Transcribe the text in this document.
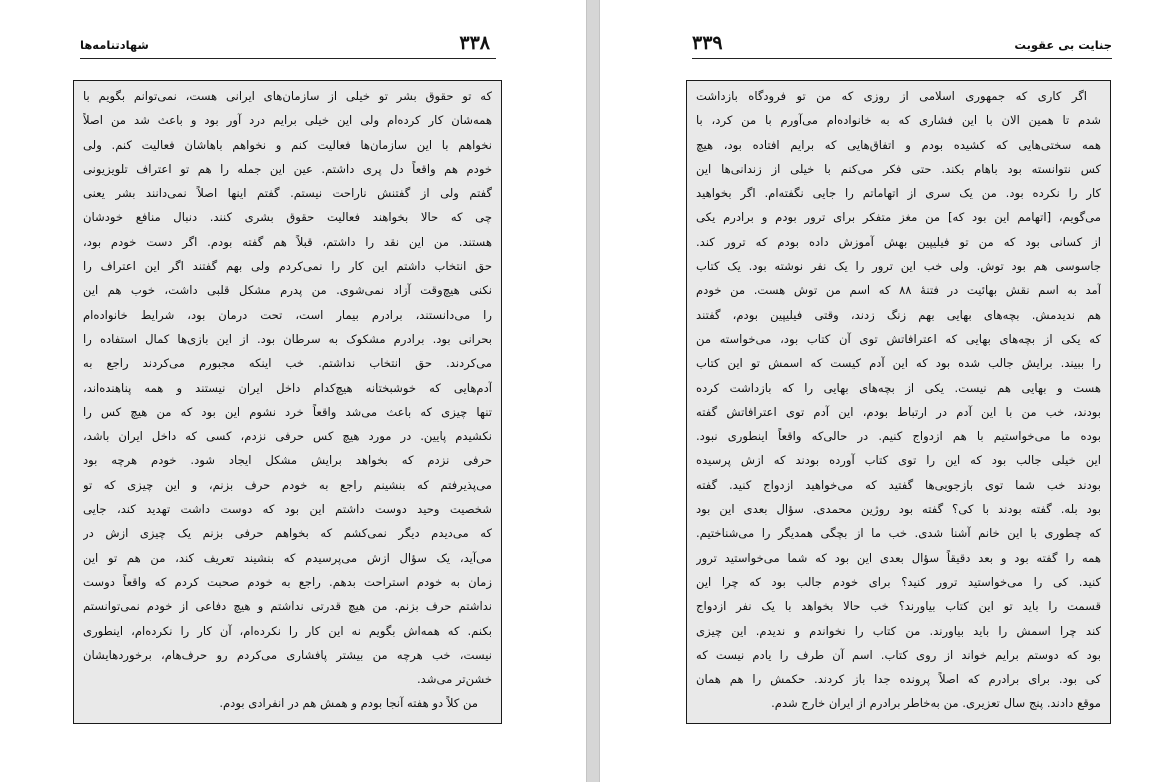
۳۳۸
شهادتنامه‌ها
که تو حقوق بشر تو خیلی از سازمان‌های ایرانی هست، نمی‌توانم بگویم با
همه‌شان کار کرده‌ام ولی این خیلی برایم درد آور بود و باعث شد من اصلاً
نخواهم با این سازمان‌ها فعالیت کنم و نخواهم باهاشان فعالیت کنم. ولی
خودم هم واقعاً دل پری داشتم. عین این جمله را هم تو اعتراف تلویزیونی
گفتم ولی از گفتنش ناراحت نیستم. گفتم اینها اصلاً نمی‌دانند بشر یعنی
چی که حالا بخواهند فعالیت حقوق بشری کنند. دنبال منافع خودشان
هستند. من این نقد را داشتم، قبلاً هم گفته بودم. اگر دست خودم بود،
حق انتخاب داشتم این کار را نمی‌کردم ولی بهم گفتند اگر این اعتراف را
نکنی هیچ‌وقت آزاد نمی‌شوی. من پدرم مشکل قلبی داشت، خوب هم این
را می‌دانستند، برادرم بیمار است، تحت درمان بود، شرایط خانواده‌ام
بحرانی بود. برادرم مشکوک به سرطان بود. از این بازی‌ها کمال استفاده را
می‌کردند. حق انتخاب نداشتم. خب اینکه مجبورم می‌کردند راجع به
آدم‌هایی که خوشبختانه هیچ‌کدام داخل ایران نیستند و همه پناهنده‌اند،
تنها چیزی که باعث می‌شد واقعاً خرد نشوم این بود که من هیچ کس را
نکشیدم پایین. در مورد هیچ کس حرفی نزدم، کسی که داخل ایران باشد،
حرفی نزدم که بخواهد برایش مشکل ایجاد شود. خودم هرچه بود
می‌پذیرفتم که بنشینم راجع به خودم حرف بزنم، و این چیزی که تو
شخصیت وحید دوست داشتم این بود که دوست داشت تهدید کند، جایی
که می‌دیدم دیگر نمی‌کشم که بخواهم حرفی بزنم یک چیزی ازش در
می‌آید، یک سؤال ازش می‌پرسیدم که بنشیند تعریف کند، من هم تو این
زمان به خودم استراحت بدهم. راجع به خودم صحبت کردم که واقعاً دوست
نداشتم حرف بزنم. من هیچ قدرتی نداشتم و هیچ دفاعی از خودم نمی‌توانستم
بکنم. که همه‌اش بگویم نه این کار را نکرده‌ام، آن کار را نکرده‌ام، اینطوری
نیست، خب هرچه من بیشتر پافشاری می‌کردم رو حرف‌هام، برخوردهایشان
خشن‌تر می‌شد.
من کلاً دو هفته آنجا بودم و همش هم در انفرادی بودم.
۳۳۹	جنایت بی عقوبت
اگر کاری که جمهوری اسلامی از روزی که من تو فرودگاه بازداشت
شدم تا همین الان با این فشاری که به خانواده‌ام می‌آورم با من کرد، با
همه سختی‌هایی که کشیده بودم و اتفاق‌هایی که برایم افتاده بود، هیچ
کس نتوانسته بود باهام بکند. حتی فکر می‌کنم با خیلی از زندانی‌ها این
کار را نکرده بود. من یک سری از اتهاماتم را جایی نگفته‌ام. اگر بخواهید
می‌گویم، [اتهامم این بود که] من مغز متفکر برای ترور بودم و برادرم یکی
از کسانی بود که من تو فیلیپین بهش آموزش داده بودم که ترور کند.
جاسوسی هم بود توش. ولی خب این ترور را یک نفر نوشته بود. یک کتاب
آمد به اسم نقش بهائیت در فتنهٔ ۸۸ که اسم من توش هست. من خودم
هم ندیدمش. بچه‌های بهایی بهم زنگ زدند، وقتی فیلیپین بودم، گفتند
که یکی از بچه‌های بهایی که اعترافاتش توی آن کتاب بود، می‌خواسته من
را ببیند. برایش جالب شده بود که این آدم کیست که اسمش تو این کتاب
هست و بهایی هم نیست. یکی از بچه‌های بهایی را که بازداشت کرده
بودند، خب من با این آدم در ارتباط بودم، این آدم توی اعترافاتش گفته
بوده ما می‌خواستیم با هم ازدواج کنیم. در حالی‌که واقعاً اینطوری نبود.
این خیلی جالب بود که این را توی کتاب آورده بودند که ازش پرسیده
بودند خب شما توی بازجویی‌ها گفتید که می‌خواهید ازدواج کنید. گفته
بود بله. گفته بودند با کی؟ گفته بود روژین محمدی. سؤال بعدی این بود
که چطوری با این خانم آشنا شدی. خب ما از بچگی همدیگر را می‌شناختیم.
همه را گفته بود و بعد دقیقاً سؤال بعدی این بود که شما می‌خواستید ترور
کنید. کی را می‌خواستید ترور کنید؟ برای خودم جالب بود که چرا این
قسمت را باید تو این کتاب بیاورند؟ خب حالا بخواهد با یک نفر ازدواج
کند چرا اسمش را باید بیاورند. من کتاب را نخواندم و ندیدم. این چیزی
بود که دوستم برایم خواند از روی کتاب. اسم آن طرف را یادم نیست که
کی بود. برای برادرم که اصلاً پرونده جدا باز کردند. حکمش را هم همان
موقع دادند. پنج سال تعزیری. من به‌خاطر برادرم از ایران خارج شدم.
